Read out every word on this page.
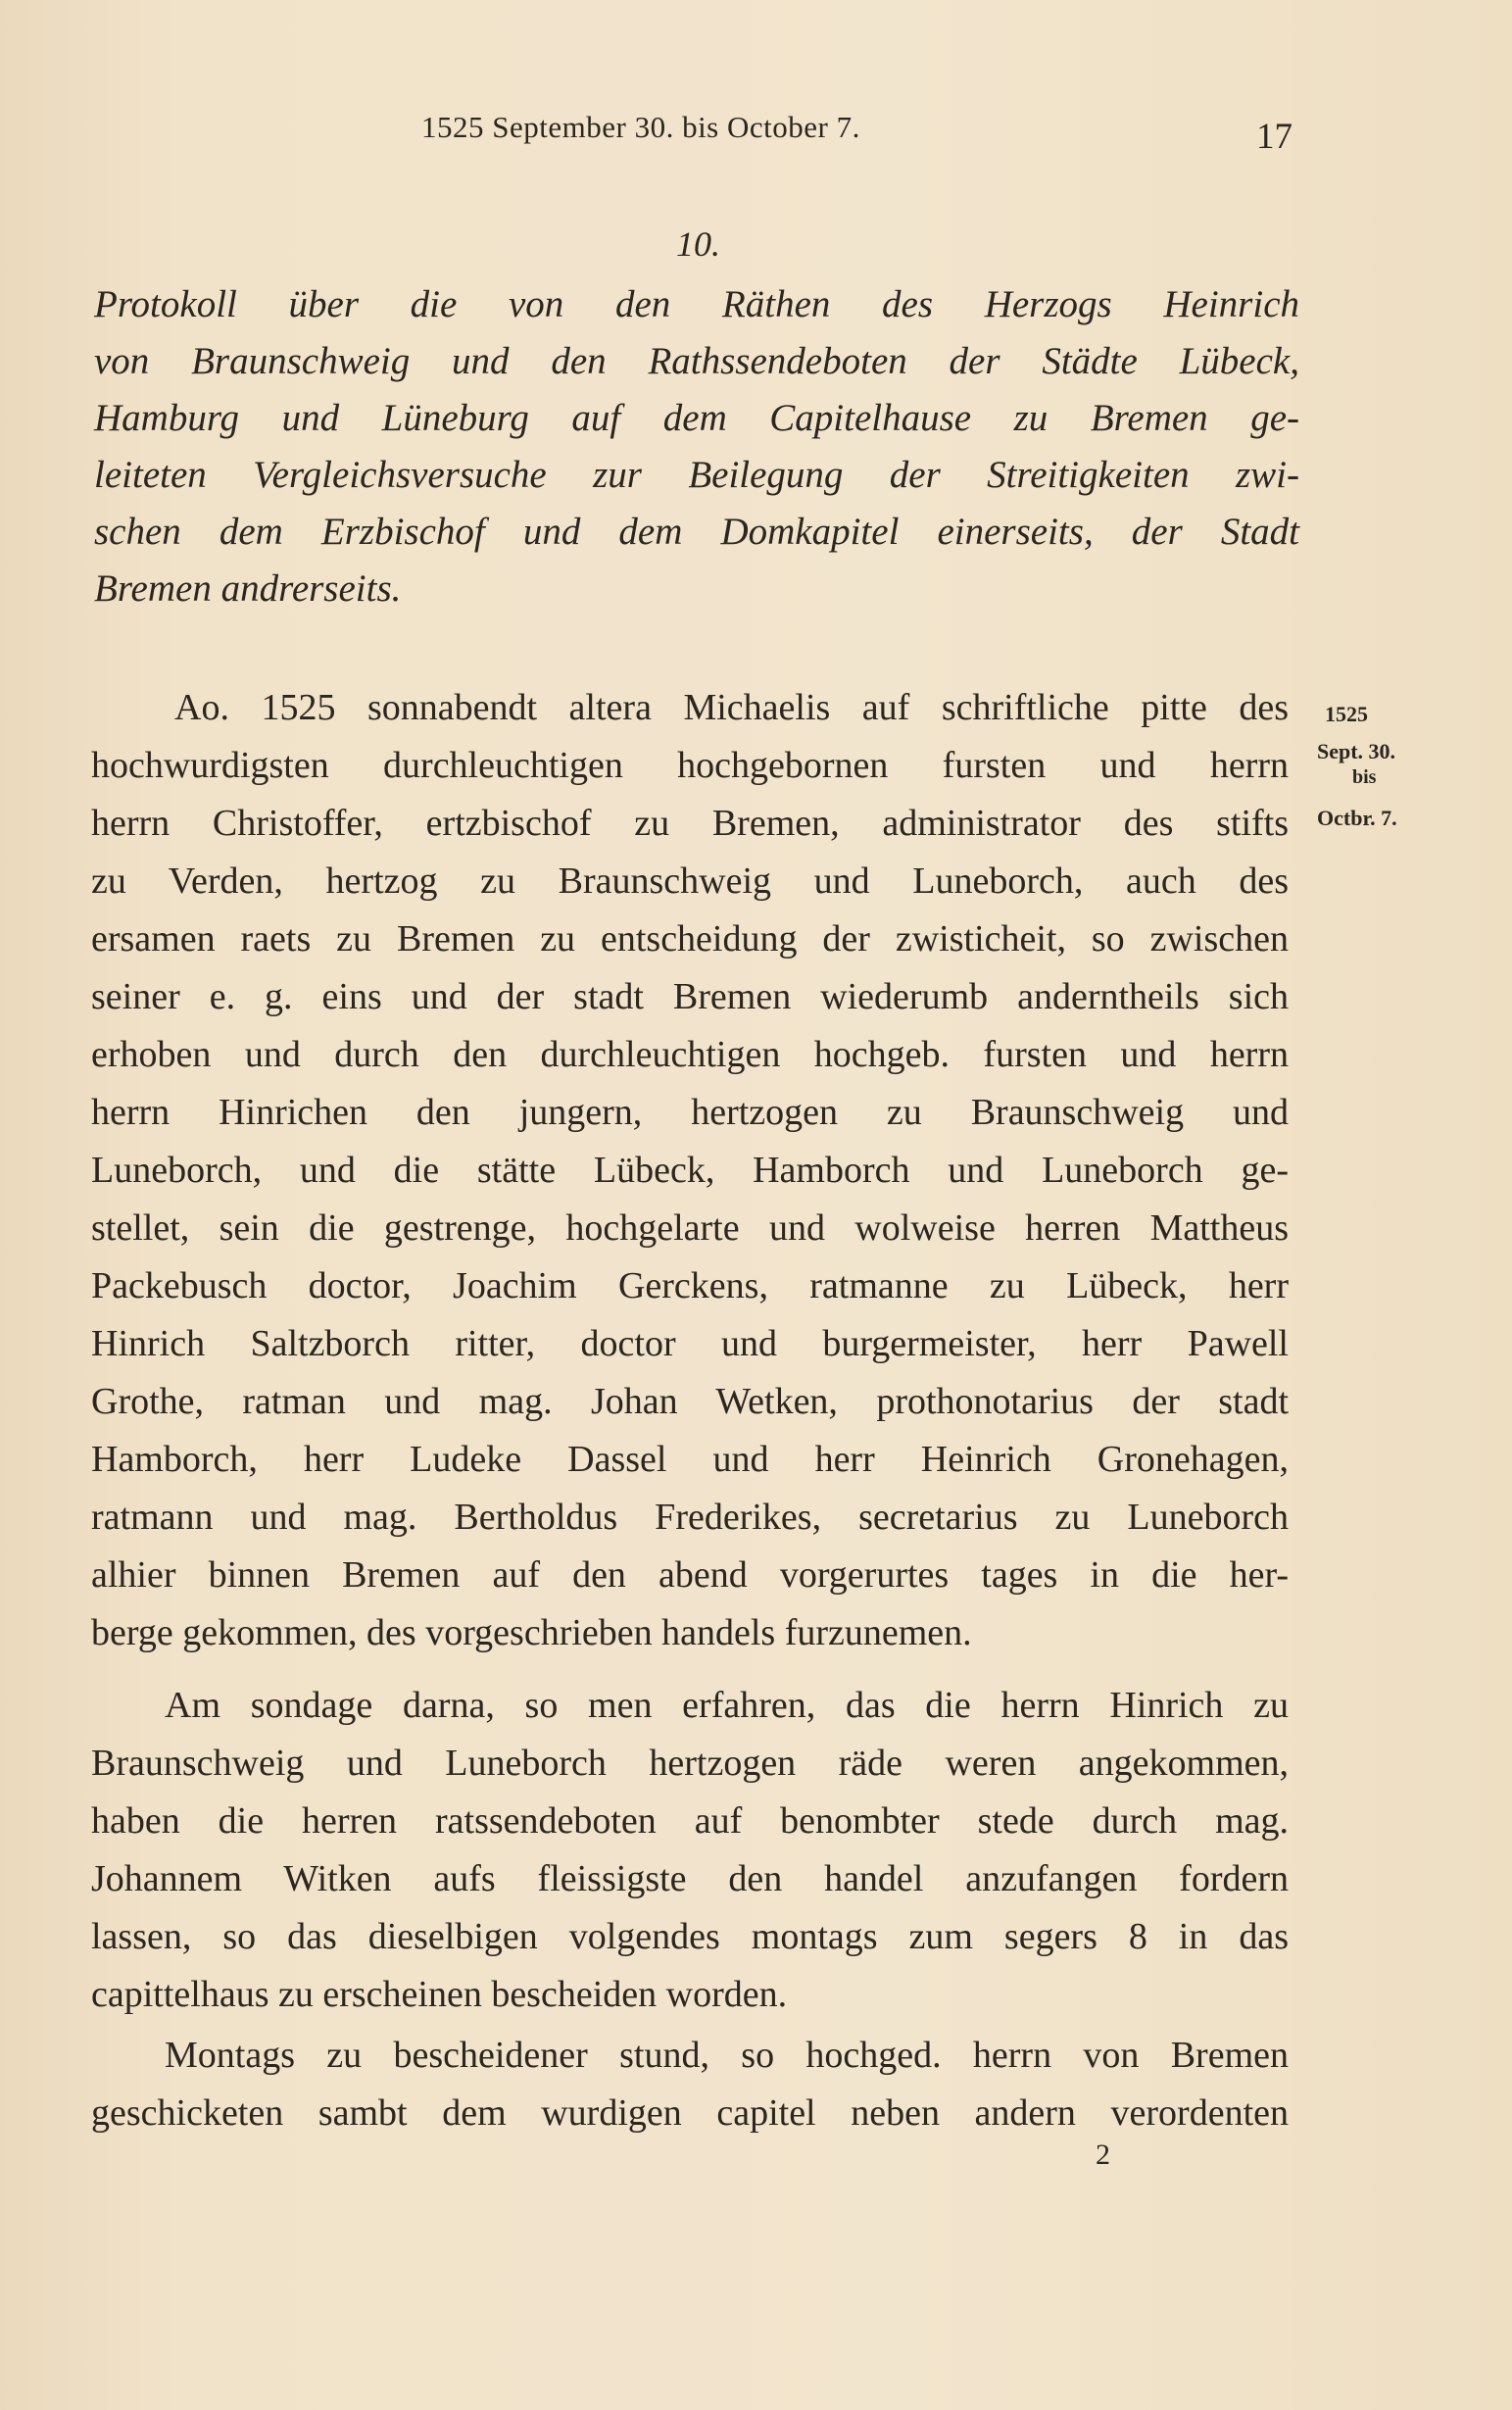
1525 September 30. bis October 7.	17
10.
Protokoll über die von den Räthen des Herzogs Heinrich
von Braunschweig und den Rathssendeboten der Städte Lübeck,
Hamburg und Lüneburg auf dem Capitelhause zu Bremen ge-
leiteten Vergleichsversuche zur Beilegung der Streitigkeiten zwi-
schen dem Erzbischof und dem Domkapitel einerseits, der Stadt
Bremen andrerseits.
1525
Sept. 30.
bis
Octbr. 7.
Ao. 1525 sonnabendt altera Michaelis auf schriftliche pitte des
hochwurdigsten durchleuchtigen hochgebornen fursten und herrn
herrn Christoffer, ertzbischof zu Bremen, administrator des stifts
zu Verden, hertzog zu Braunschweig und Luneborch, auch des
ersamen raets zu Bremen zu entscheidung der zwisticheit, so zwischen
seiner e. g. eins und der stadt Bremen wiederumb anderntheils sich
erhoben und durch den durchleuchtigen hochgeb. fursten und herrn
herrn Hinrichen den jungern, hertzogen zu Braunschweig und
Luneborch, und die stätte Lübeck, Hamborch und Luneborch ge-
stellet, sein die gestrenge, hochgelarte und wolweise herren Mattheus
Packebusch doctor, Joachim Gerckens, ratmanne zu Lübeck, herr
Hinrich Saltzborch ritter, doctor und burgermeister, herr Pawell
Grothe, ratman und mag. Johan Wetken, prothonotarius der stadt
Hamborch, herr Ludeke Dassel und herr Heinrich Gronehagen,
ratmann und mag. Bertholdus Frederikes, secretarius zu Luneborch
alhier binnen Bremen auf den abend vorgerurtes tages in die her-
berge gekommen, des vorgeschrieben handels furzunemen.
Am sondage darna, so men erfahren, das die herrn Hinrich zu
Braunschweig und Luneborch hertzogen räde weren angekommen,
haben die herren ratssendeboten auf benombter stede durch mag.
Johannem Witken aufs fleissigste den handel anzufangen fordern
lassen, so das dieselbigen volgendes montags zum segers 8 in das
capittelhaus zu erscheinen bescheiden worden.
Montags zu bescheidener stund, so hochged. herrn von Bremen
geschicketen sambt dem wurdigen capitel neben andern verordenten
2
